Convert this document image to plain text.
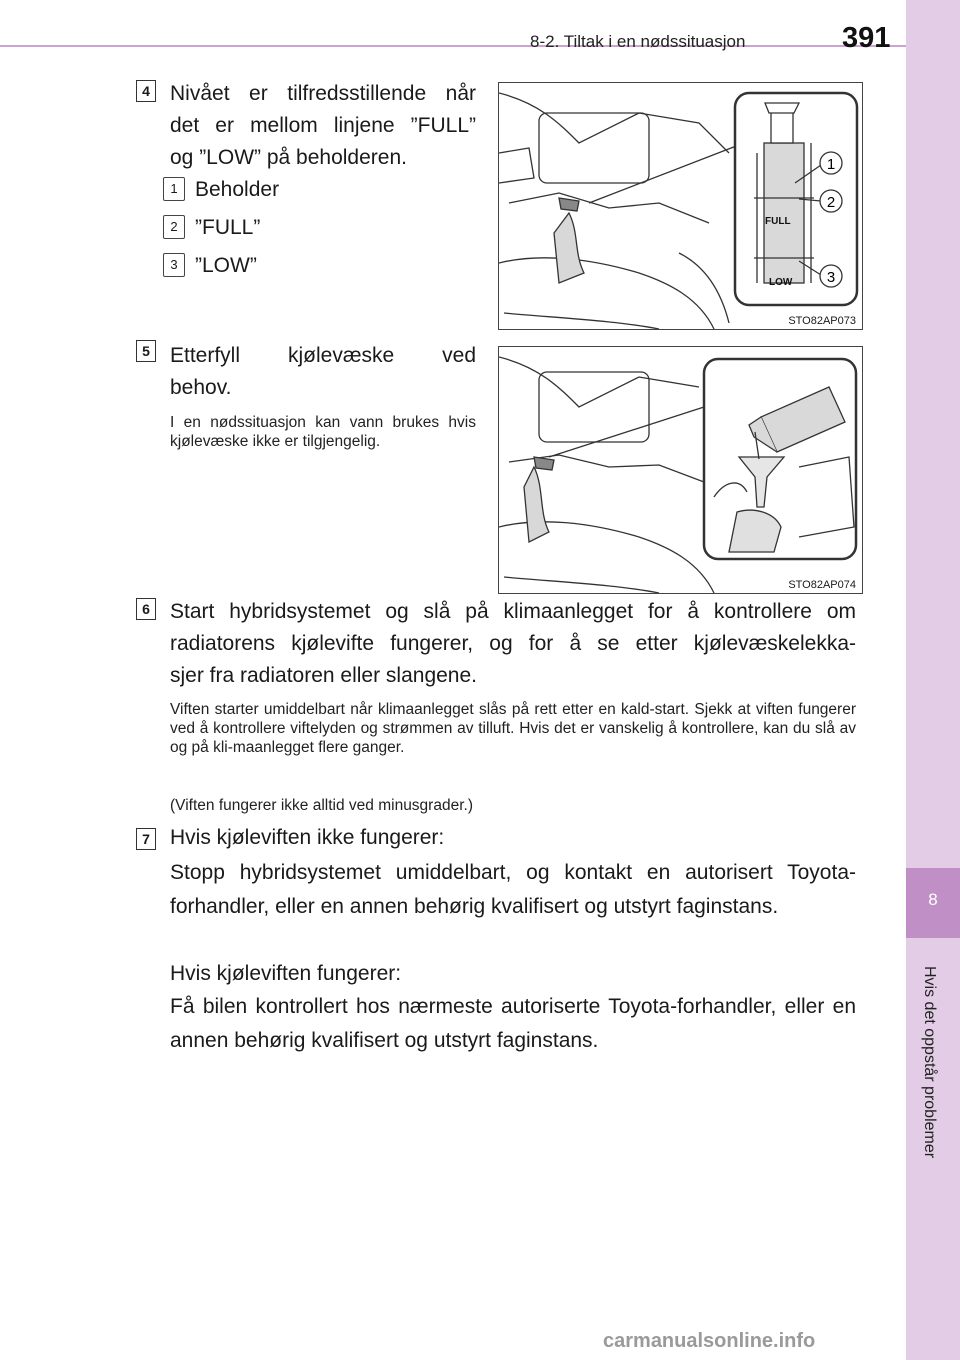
8-2. Tiltak i en nødssituasjon	391
8
Hvis det oppstår problemer
4 Nivået er tilfredsstillende når
det er mellom linjene ”FULL”
og ”LOW” på beholderen.
1 Beholder
2 ”FULL”
3 ”LOW”
FULL
LOW
1
2
3
STO82AP073
5 Etterfyll kjølevæske ved
behov.
I en nødssituasjon kan vann brukes hvis kjølevæske ikke er tilgjengelig.
STO82AP074
6 Start hybridsystemet og slå på klimaanlegget for å kontrollere om
radiatorens kjølevifte fungerer, og for å se etter kjølevæskelekka-
sjer fra radiatoren eller slangene.
Viften starter umiddelbart når klimaanlegget slås på rett etter en kald-start. Sjekk at viften fungerer ved å kontrollere viftelyden og strømmen av tilluft. Hvis det er vanskelig å kontrollere, kan du slå av og på kli-maanlegget flere ganger.
(Viften fungerer ikke alltid ved minusgrader.)
7 Hvis kjøleviften ikke fungerer:
Stopp hybridsystemet umiddelbart, og kontakt en autorisert Toyota-forhandler, eller en annen behørig kvalifisert og utstyrt faginstans.
Hvis kjøleviften fungerer:
Få bilen kontrollert hos nærmeste autoriserte Toyota-forhandler, eller en annen behørig kvalifisert og utstyrt faginstans.
carmanualsonline.info
